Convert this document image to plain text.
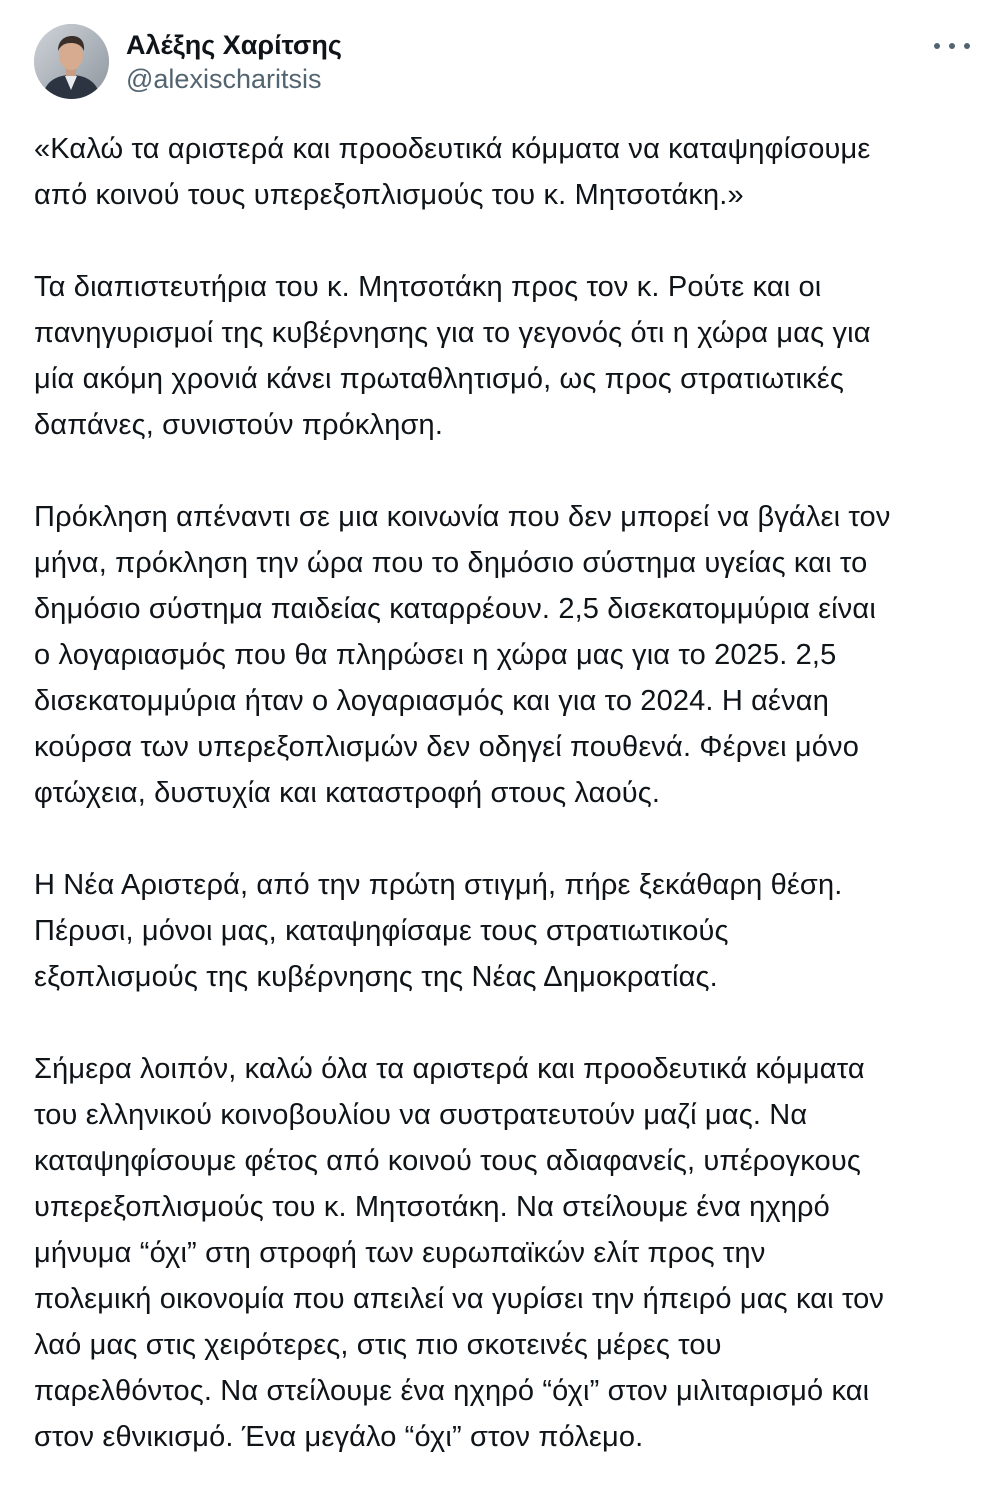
Αλέξης Χαρίτσης
@alexischaritsis
«Καλώ τα αριστερά και προοδευτικά κόμματα να καταψηφίσουμε
από κοινού τους υπερεξοπλισμούς του κ. Μητσοτάκη.»
Τα διαπιστευτήρια του κ. Μητσοτάκη προς τον κ. Ρούτε και οι
πανηγυρισμοί της κυβέρνησης για το γεγονός ότι η χώρα μας για
μία ακόμη χρονιά κάνει πρωταθλητισμό, ως προς στρατιωτικές
δαπάνες, συνιστούν πρόκληση.
Πρόκληση απέναντι σε μια κοινωνία που δεν μπορεί να βγάλει τον
μήνα, πρόκληση την ώρα που το δημόσιο σύστημα υγείας και το
δημόσιο σύστημα παιδείας καταρρέουν. 2,5 δισεκατομμύρια είναι
ο λογαριασμός που θα πληρώσει η χώρα μας για το 2025. 2,5
δισεκατομμύρια ήταν ο λογαριασμός και για το 2024. Η αέναη
κούρσα των υπερεξοπλισμών δεν οδηγεί πουθενά. Φέρνει μόνο
φτώχεια, δυστυχία και καταστροφή στους λαούς.
Η Νέα Αριστερά, από την πρώτη στιγμή, πήρε ξεκάθαρη θέση.
Πέρυσι, μόνοι μας, καταψηφίσαμε τους στρατιωτικούς
εξοπλισμούς της κυβέρνησης της Νέας Δημοκρατίας.
Σήμερα λοιπόν, καλώ όλα τα αριστερά και προοδευτικά κόμματα
του ελληνικού κοινοβουλίου να συστρατευτούν μαζί μας. Να
καταψηφίσουμε φέτος από κοινού τους αδιαφανείς, υπέρογκους
υπερεξοπλισμούς του κ. Μητσοτάκη. Να στείλουμε ένα ηχηρό
μήνυμα “όχι” στη στροφή των ευρωπαϊκών ελίτ προς την
πολεμική οικονομία που απειλεί να γυρίσει την ήπειρό μας και τον
λαό μας στις χειρότερες, στις πιο σκοτεινές μέρες του
παρελθόντος. Να στείλουμε ένα ηχηρό “όχι” στον μιλιταρισμό και
στον εθνικισμό. Ένα μεγάλο “όχι” στον πόλεμο.
